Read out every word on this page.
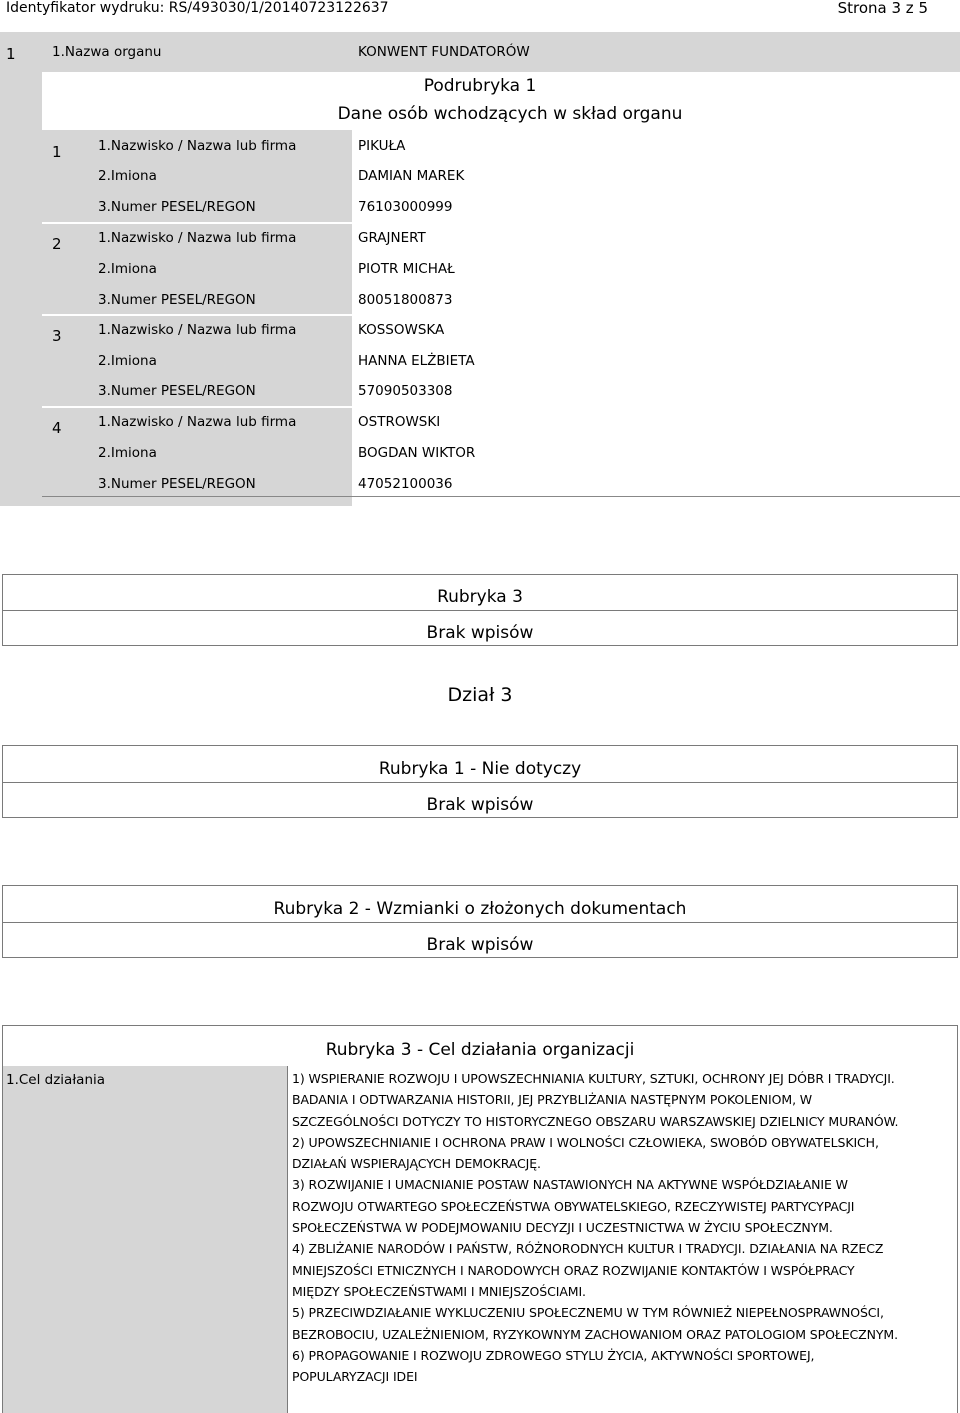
Identyfikator wydruku: RS/493030/1/20140723122637	Strona 3 z 5
1	1.Nazwa organu	KONWENT FUNDATORÓW
Podrubryka 1
Dane osób wchodzących w skład organu
1	1.Nazwisko / Nazwa lub firma	PIKUŁA
2.Imiona	DAMIAN MAREK
3.Numer PESEL/REGON	76103000999
2	1.Nazwisko / Nazwa lub firma	GRAJNERT
2.Imiona	PIOTR MICHAŁ
3.Numer PESEL/REGON	80051800873
3	1.Nazwisko / Nazwa lub firma	KOSSOWSKA
2.Imiona	HANNA ELŻBIETA
3.Numer PESEL/REGON	57090503308
4	1.Nazwisko / Nazwa lub firma	OSTROWSKI
2.Imiona	BOGDAN WIKTOR
3.Numer PESEL/REGON	47052100036
Rubryka 3
Brak wpisów
Dział 3
Rubryka 1 - Nie dotyczy
Brak wpisów
Rubryka 2 - Wzmianki o złożonych dokumentach
Brak wpisów
Rubryka 3 - Cel działania organizacji
1.Cel działania	1) WSPIERANIE ROZWOJU I UPOWSZECHNIANIA KULTURY, SZTUKI, OCHRONY JEJ DÓBR I TRADYCJI.
BADANIA I ODTWARZANIA HISTORII, JEJ PRZYBLIŻANIA NASTĘPNYM POKOLENIOM, W
SZCZEGÓLNOŚCI DOTYCZY TO HISTORYCZNEGO OBSZARU WARSZAWSKIEJ DZIELNICY MURANÓW.
2) UPOWSZECHNIANIE I OCHRONA PRAW I WOLNOŚCI CZŁOWIEKA, SWOBÓD OBYWATELSKICH,
DZIAŁAŃ WSPIERAJĄCYCH DEMOKRACJĘ.
3) ROZWIJANIE I UMACNIANIE POSTAW NASTAWIONYCH NA AKTYWNE WSPÓŁDZIAŁANIE W
ROZWOJU OTWARTEGO SPOŁECZEŃSTWA OBYWATELSKIEGO, RZECZYWISTEJ PARTYCYPACJI
SPOŁECZEŃSTWA W PODEJMOWANIU DECYZJI I UCZESTNICTWA W ŻYCIU SPOŁECZNYM.
4) ZBLIŻANIE NARODÓW I PAŃSTW, RÓŻNORODNYCH KULTUR I TRADYCJI. DZIAŁANIA NA RZECZ
MNIEJSZOŚCI ETNICZNYCH I NARODOWYCH ORAZ ROZWIJANIE KONTAKTÓW I WSPÓŁPRACY
MIĘDZY SPOŁECZEŃSTWAMI I MNIEJSZOŚCIAMI.
5) PRZECIWDZIAŁANIE WYKLUCZENIU SPOŁECZNEMU W TYM RÓWNIEŻ NIEPEŁNOSPRAWNOŚCI,
BEZROBOCIU, UZALEŻNIENIOM, RYZYKOWNYM ZACHOWANIOM ORAZ PATOLOGIOM SPOŁECZNYM.
6) PROPAGOWANIE I ROZWOJU ZDROWEGO STYLU ŻYCIA, AKTYWNOŚCI SPORTOWEJ,
POPULARYZACJI IDEI
